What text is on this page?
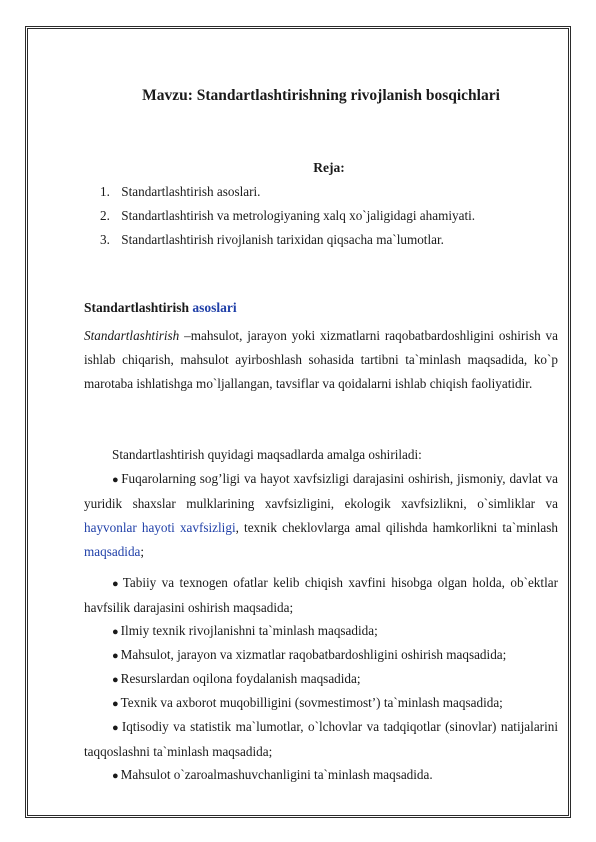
Mavzu: Standartlashtirishning rivojlanish bosqichlari
Reja:
1. Standartlashtirish asoslari.
2. Standartlashtirish va metrologiyaning xalq xo`jaligidagi ahamiyati.
3. Standartlashtirish rivojlanish tarixidan qiqsacha ma`lumotlar.
Standartlashtirish asoslari
Standartlashtirish –mahsulot, jarayon yoki xizmatlarni raqobatbardoshligini oshirish va ishlab chiqarish, mahsulot ayirboshlash sohasida tartibni ta`minlash maqsadida, ko`p marotaba ishlatishga mo`ljallangan, tavsiflar va qoidalarni ishlab chiqish faoliyatidir.
Standartlashtirish quyidagi maqsadlarda amalga oshiriladi:
● Fuqarolarning sog’ligi va hayot xavfsizligi darajasini oshirish, jismoniy, davlat va yuridik shaxslar mulklarining xavfsizligini, ekologik xavfsizlikni, o`simliklar va hayvonlar hayoti xavfsizligi, texnik cheklovlarga amal qilishda hamkorlikni ta`minlash maqsadida;
● Tabiiy va texnogen ofatlar kelib chiqish xavfini hisobga olgan holda, ob`ektlar havfsilik darajasini oshirish maqsadida;
● Ilmiy texnik rivojlanishni ta`minlash maqsadida;
● Mahsulot, jarayon va xizmatlar raqobatbardoshligini oshirish maqsadida;
● Resurslardan oqilona foydalanish maqsadida;
● Texnik va axborot muqobilligini (sovmestimost’) ta`minlash maqsadida;
● Iqtisodiy va statistik ma`lumotlar, o`lchovlar va tadqiqotlar (sinovlar) natijalarini taqqoslashni ta`minlash maqsadida;
● Mahsulot o`zaroalmashuvchanligini ta`minlash maqsadida.
